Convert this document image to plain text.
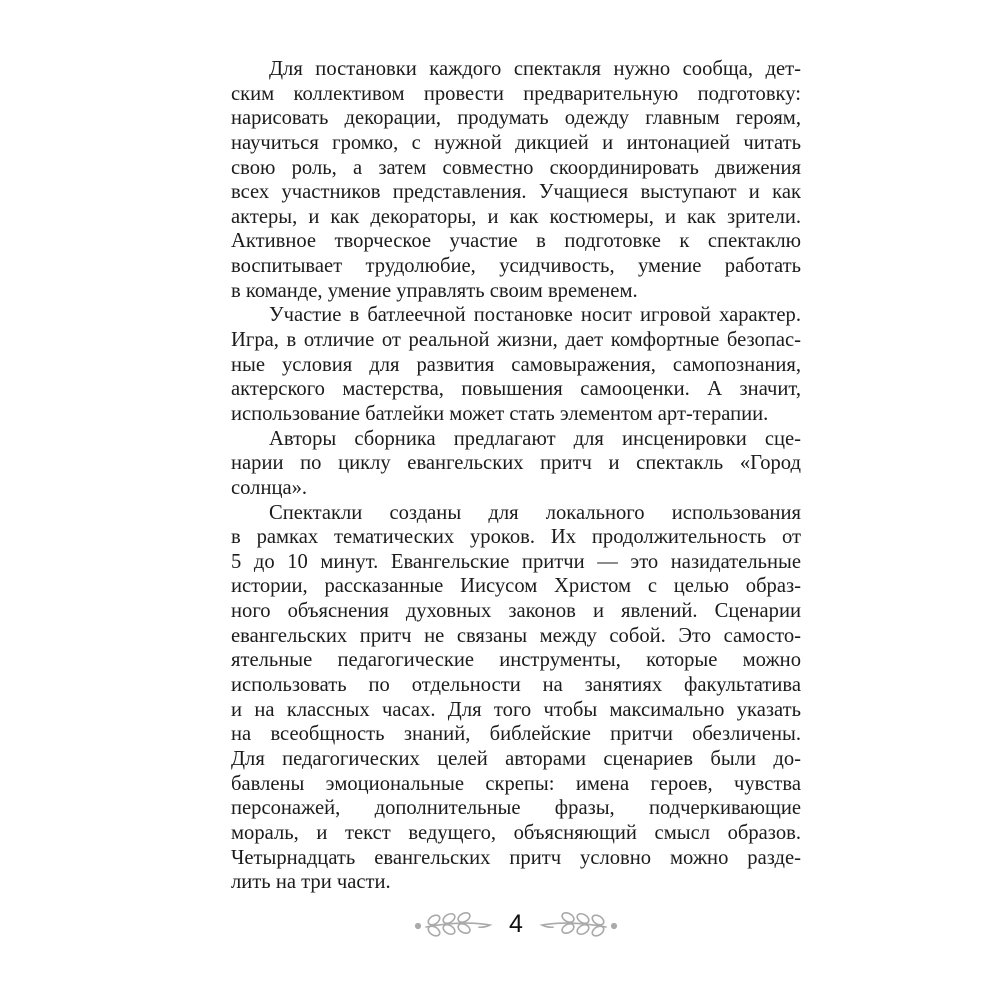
Для постановки каждого спектакля нужно сообща, дет-
ским коллективом провести предварительную подготовку:
нарисовать декорации, продумать одежду главным героям,
научиться громко, с нужной дикцией и интонацией читать
свою роль, а затем совместно скоординировать движения
всех участников представления. Учащиеся выступают и как
актеры, и как декораторы, и как костюмеры, и как зрители.
Активное творческое участие в подготовке к спектаклю
воспитывает трудолюбие, усидчивость, умение работать
в команде, умение управлять своим временем.
Участие в батлеечной постановке носит игровой характер.
Игра, в отличие от реальной жизни, дает комфортные безопас-
ные условия для развития самовыражения, самопознания,
актерского мастерства, повышения самооценки. А значит,
использование батлейки может стать элементом арт-терапии.
Авторы сборника предлагают для инсценировки сце-
нарии по циклу евангельских притч и спектакль «Город
солнца».
Спектакли созданы для локального использования
в рамках тематических уроков. Их продолжительность от
5 до 10 минут. Евангельские притчи — это назидательные
истории, рассказанные Иисусом Христом с целью образ-
ного объяснения духовных законов и явлений. Сценарии
евангельских притч не связаны между собой. Это самосто-
ятельные педагогические инструменты, которые можно
использовать по отдельности на занятиях факультатива
и на классных часах. Для того чтобы максимально указать
на всеобщность знаний, библейские притчи обезличены.
Для педагогических целей авторами сценариев были до-
бавлены эмоциональные скрепы: имена героев, чувства
персонажей, дополнительные фразы, подчеркивающие
мораль, и текст ведущего, объясняющий смысл образов.
Четырнадцать евангельских притч условно можно разде-
лить на три части.
4
